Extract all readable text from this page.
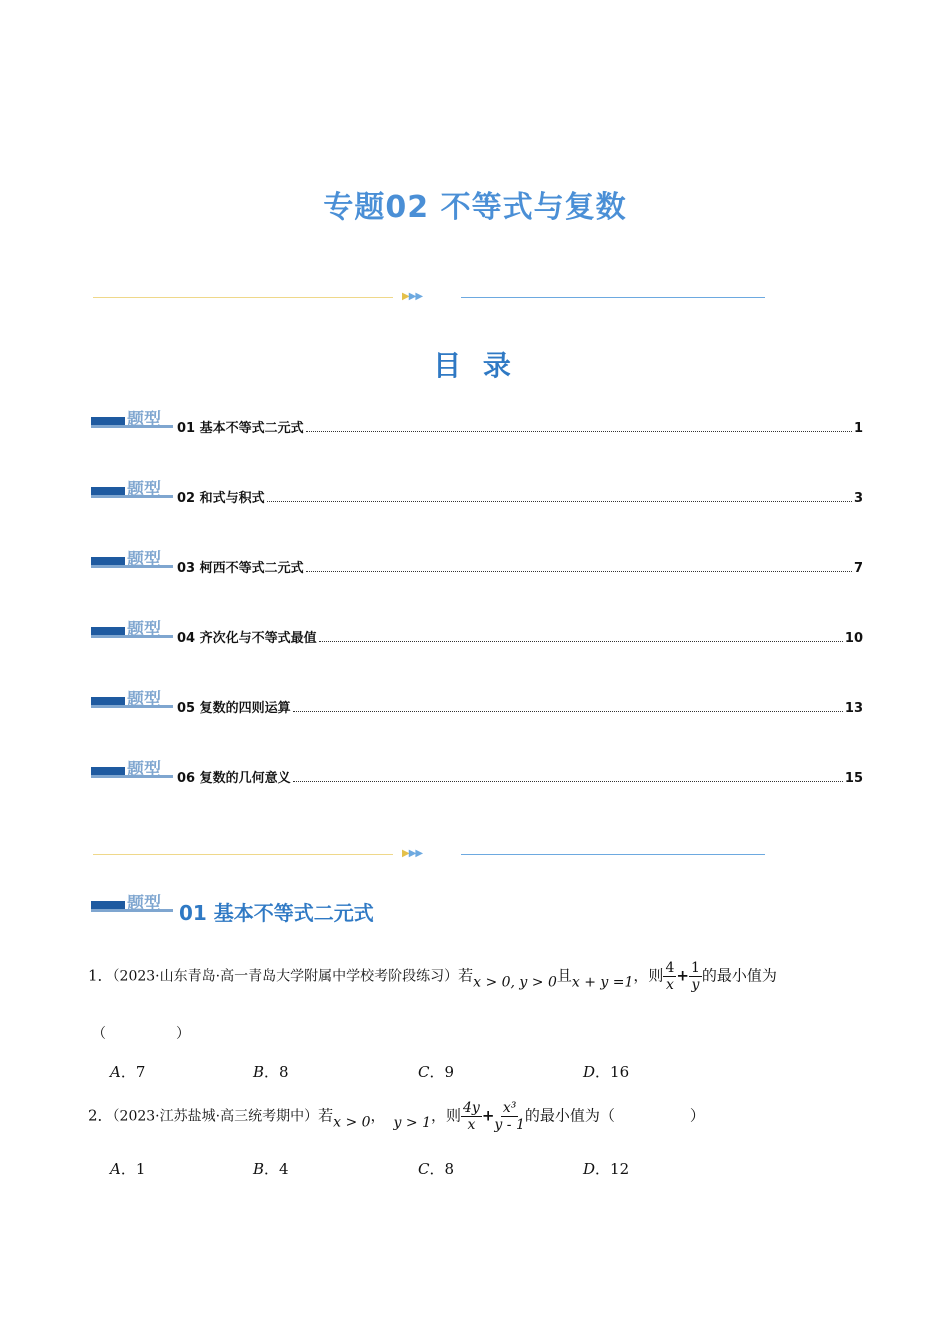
专题02 不等式与复数
▶▶▶
目 录
题型 01 基本不等式二元式	1
题型 02 和式与积式	3
题型 03 柯西不等式二元式	7
题型 04 齐次化与不等式最值	10
题型 05 复数的四则运算	13
题型 06 复数的几何意义	15
▶▶▶
题型 01 基本不等式二元式
1．（2023·山东青岛·高一青岛大学附属中学校考阶段练习）若x > 0, y > 0且x + y =1，则 $\frac{4}{x} + \frac{1}{y}$ 的最小值为
（　　　　　）
A．7	B．8	C．9	D．16
2．（2023·江苏盐城·高三统考期中）若x > 0， y > 1，则 $\frac{4y}{x} + \frac{\text{x³}}{y - 1}$ 的最小值为（　　　　　）
A．1	B．4	C．8	D．12
